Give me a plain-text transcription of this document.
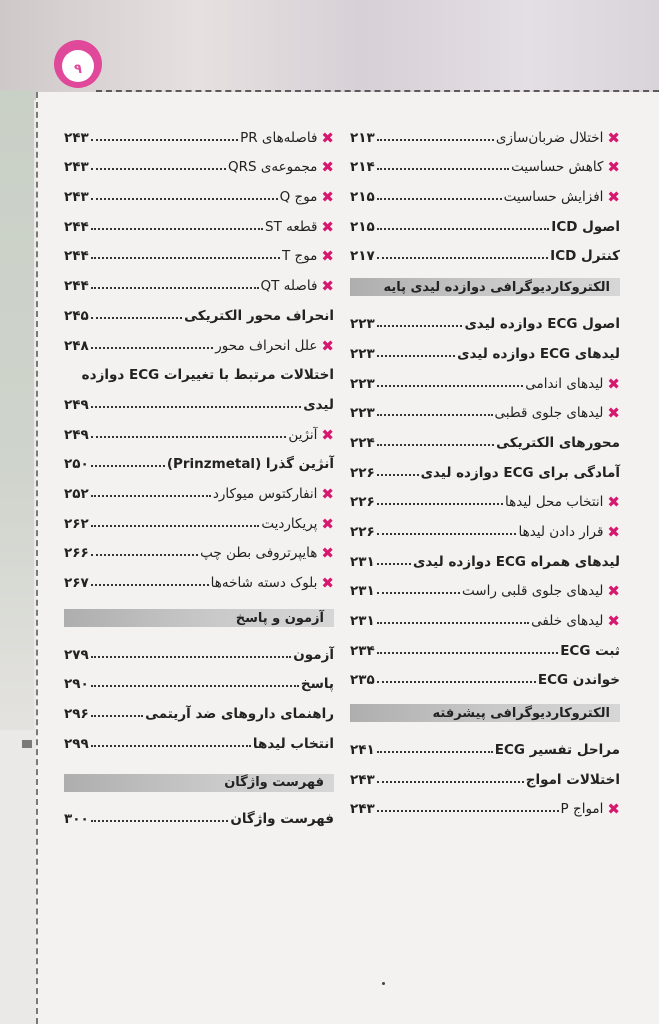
۹
✖
اختلال ضربان‌سازی
۲۱۳
✖
کاهش حساسیت
۲۱۴
✖
افزایش حساسیت
۲۱۵
اصول ICD
۲۱۵
کنترل ICD
۲۱۷
الکتروکاردیوگرافی دوازده لیدی پایه
اصول ECG دوازده لیدی
۲۲۳
لیدهای ECG دوازده لیدی
۲۲۳
✖
لیدهای اندامی
۲۲۳
✖
لیدهای جلوی قطبی
۲۲۳
محورهای الکتریکی
۲۲۴
آمادگی برای ECG دوازده لیدی
۲۲۶
✖
انتخاب محل لیدها
۲۲۶
✖
قرار دادن لیدها
۲۲۶
لیدهای همراه ECG دوازده لیدی
۲۳۱
✖
لیدهای جلوی قلبی راست
۲۳۱
✖
لیدهای خلفی
۲۳۱
ثبت ECG
۲۳۴
خواندن ECG
۲۳۵
الکتروکاردیوگرافی پیشرفته
مراحل تفسیر ECG
۲۴۱
اختلالات امواج
۲۴۳
✖
امواج P
۲۴۳
✖
فاصله‌های PR
۲۴۳
✖
مجموعه‌ی QRS
۲۴۳
✖
موج Q
۲۴۳
✖
قطعه ST
۲۴۴
✖
موج T
۲۴۴
✖
فاصله QT
۲۴۴
انحراف محور الکتریکی
۲۴۵
✖
علل انحراف محور
۲۴۸
اختلالات مرتبط با تغییرات ECG دوازده
لیدی
۲۴۹
✖
آنژین
۲۴۹
آنژین گذرا (Prinzmetal)
۲۵۰
✖
انفارکتوس میوکارد
۲۵۲
✖
پریکاردیت
۲۶۲
✖
هایپرتروفی بطن چپ
۲۶۶
✖
بلوک دسته شاخه‌ها
۲۶۷
آزمون و پاسخ
آزمون
۲۷۹
پاسخ
۲۹۰
راهنمای داروهای ضد آریتمی
۲۹۶
انتخاب لیدها
۲۹۹
فهرست واژگان
فهرست واژگان
۳۰۰
